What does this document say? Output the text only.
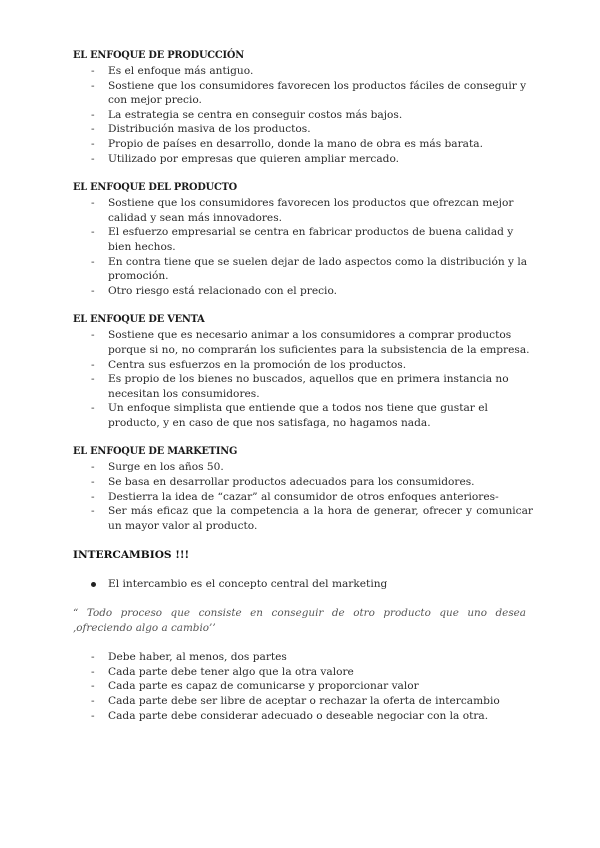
EL ENFOQUE DE PRODUCCIÓN
- Es el enfoque más antiguo.
- Sostiene que los consumidores favorecen los productos fáciles de conseguir y con mejor precio.
- La estrategia se centra en conseguir costos más bajos.
- Distribución masiva de los productos.
- Propio de países en desarrollo, donde la mano de obra es más barata.
- Utilizado por empresas que quieren ampliar mercado.
EL ENFOQUE DEL PRODUCTO
- Sostiene que los consumidores favorecen los productos que ofrezcan mejor calidad y sean más innovadores.
- El esfuerzo empresarial se centra en fabricar productos de buena calidad y bien hechos.
- En contra tiene que se suelen dejar de lado aspectos como la distribución y la promoción.
- Otro riesgo está relacionado con el precio.
EL ENFOQUE DE VENTA
- Sostiene que es necesario animar a los consumidores a comprar productos porque si no, no comprarán los suficientes para la subsistencia de la empresa.
- Centra sus esfuerzos en la promoción de los productos.
- Es propio de los bienes no buscados, aquellos que en primera instancia no necesitan los consumidores.
- Un enfoque simplista que entiende que a todos nos tiene que gustar el producto, y en caso de que nos satisfaga, no hagamos nada.
EL ENFOQUE DE MARKETING
- Surge en los años 50.
- Se basa en desarrollar productos adecuados para los consumidores.
- Destierra la idea de “cazar” al consumidor de otros enfoques anteriores-
- Ser más eficaz que la competencia a la hora de generar, ofrecer y comunicar un mayor valor al producto.
INTERCAMBIOS !!!
El intercambio es el concepto central del marketing

“ Todo proceso que consiste en conseguir de otro producto que uno desea ,ofreciendo algo a cambio’’

- Debe haber, al menos, dos partes
- Cada parte debe tener algo que la otra valore
- Cada parte es capaz de comunicarse y proporcionar valor
- Cada parte debe ser libre de aceptar o rechazar la oferta de intercambio
- Cada parte debe considerar adecuado o deseable negociar con la otra.
